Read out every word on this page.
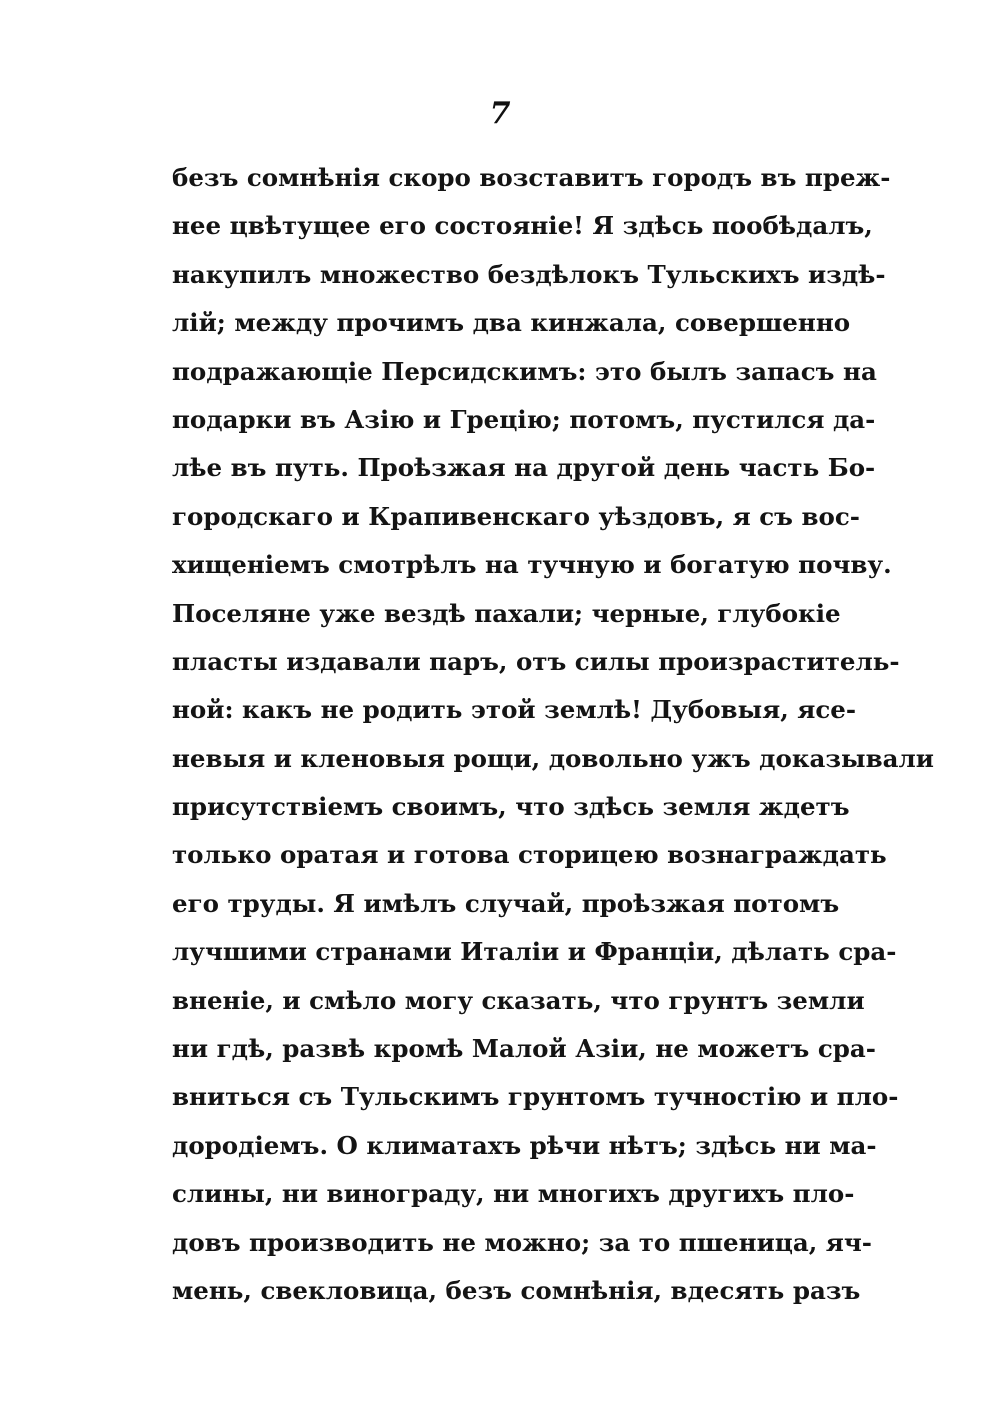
7
безъ сомнѣнія скоро возставитъ городъ въ преж-
нее цвѣтущее его состояніе! Я здѣсь пообѣдалъ,
накупилъ множество бездѣлокъ Тульскихъ издѣ-
лій; между прочимъ два кинжала, совершенно
подражающіе Персидскимъ: это былъ запасъ на
подарки въ Азію и Грецію; потомъ, пустился да-
лѣе въ путь. Проѣзжая на другой день часть Бо-
городскаго и Крапивенскаго уѣздовъ, я съ вос-
хищеніемъ смотрѣлъ на тучную и богатую почву.
Поселяне уже вездѣ пахали; черные, глубокіе
пласты издавали паръ, отъ силы произраститель-
ной: какъ не родить этой землѣ! Дубовыя, ясе-
невыя и кленовыя рощи, довольно ужъ доказывали
присутствіемъ своимъ, что здѣсь земля ждетъ
только оратая и готова сторицею вознаграждать
его труды. Я имѣлъ случай, проѣзжая потомъ
лучшими странами Италіи и Франціи, дѣлать сра-
вненіе, и смѣло могу сказать, что грунтъ земли
ни гдѣ, развѣ кромѣ Малой Азіи, не можетъ сра-
вниться съ Тульскимъ грунтомъ тучностію и пло-
дородіемъ. О климатахъ рѣчи нѣтъ; здѣсь ни ма-
слины, ни винограду, ни многихъ другихъ пло-
довъ производить не можно; за то пшеница, яч-
мень, свекловица, безъ сомнѣнія, вдесять разъ
